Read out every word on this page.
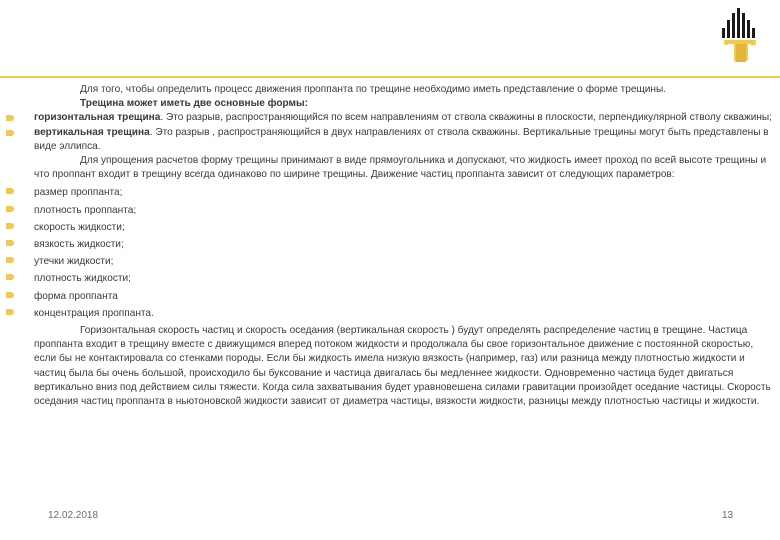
Для того, чтобы определить процесс движения проппанта по трещине необходимо иметь представление о форме трещины.

Трещина может иметь две основные формы:

горизонтальная трещина. Это разрыв, распространяющийся по всем направлениям от ствола скважины в плоскости, перпендикулярной стволу скважины;

вертикальная трещина. Это разрыв , распространяющийся в двух направлениях от ствола скважины. Вертикальные трещины могут быть представлены в виде эллипса.

Для упрощения расчетов форму трещины принимают в виде прямоугольника и допускают, что жидкость имеет проход по всей высоте трещины и что проппант входит в трещину всегда одинаково по ширине трещины. Движение частиц проппанта зависит от следующих параметров:

размер проппанта;

плотность проппанта;

скорость жидкости;

вязкость жидкости;

утечки жидкости;

плотность жидкости;

форма проппанта

концентрация проппанта.

Горизонтальная скорость частиц и скорость оседания (вертикальная скорость ) будут определять распределение частиц в трещине. Частица проппанта входит в трещину вместе с движущимся вперед потоком жидкости и продолжала бы свое горизонтальное движение с постоянной скоростью, если бы не контактировала со стенками породы. Если бы жидкость имела низкую вязкость (например, газ) или разница между плотностью жидкости и частиц была бы очень большой, происходило бы буксование и частица двигалась бы медленнее жидкости. Одновременно частица будет двигаться вертикально вниз под действием силы тяжести. Когда сила захватывания будет уравновешена силами гравитации произойдет оседание частицы. Скорость оседания частиц проппанта в ньютоновской жидкости зависит от диаметра частицы, вязкости жидкости, разницы между плотностью частицы и жидкости.

12.02.2018	13
